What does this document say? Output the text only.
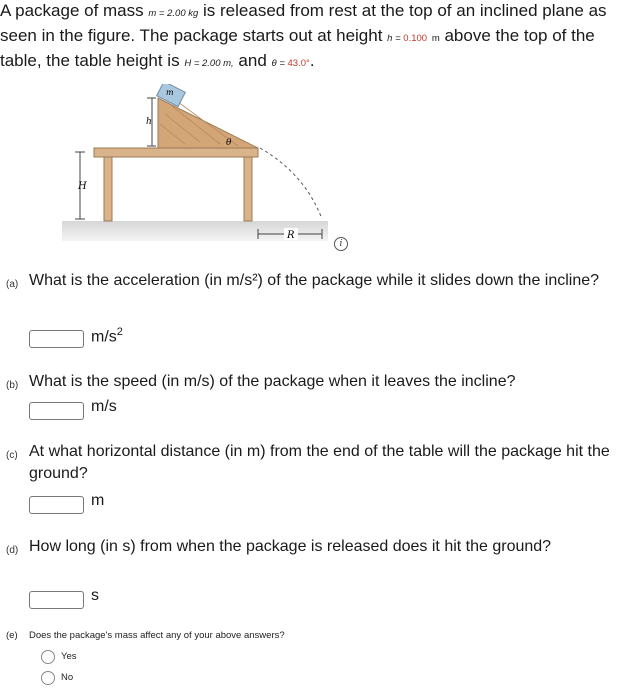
A package of mass m = 2.00 kg is released from rest at the top of an inclined plane as seen in the figure. The package starts out at height h = 0.100 m above the top of the table, the table height is H = 2.00 m, and θ = 43.0°.
m
h
H
θ
R
i
(a) What is the acceleration (in m/s²) of the package while it slides down the incline?
$m/s^2$
(b) What is the speed (in m/s) of the package when it leaves the incline?
m/s
(c) At what horizontal distance (in m) from the end of the table will the package hit the ground?
m
(d) How long (in s) from when the package is released does it hit the ground?
s
(e) Does the package's mass affect any of your above answers?
Yes
No
